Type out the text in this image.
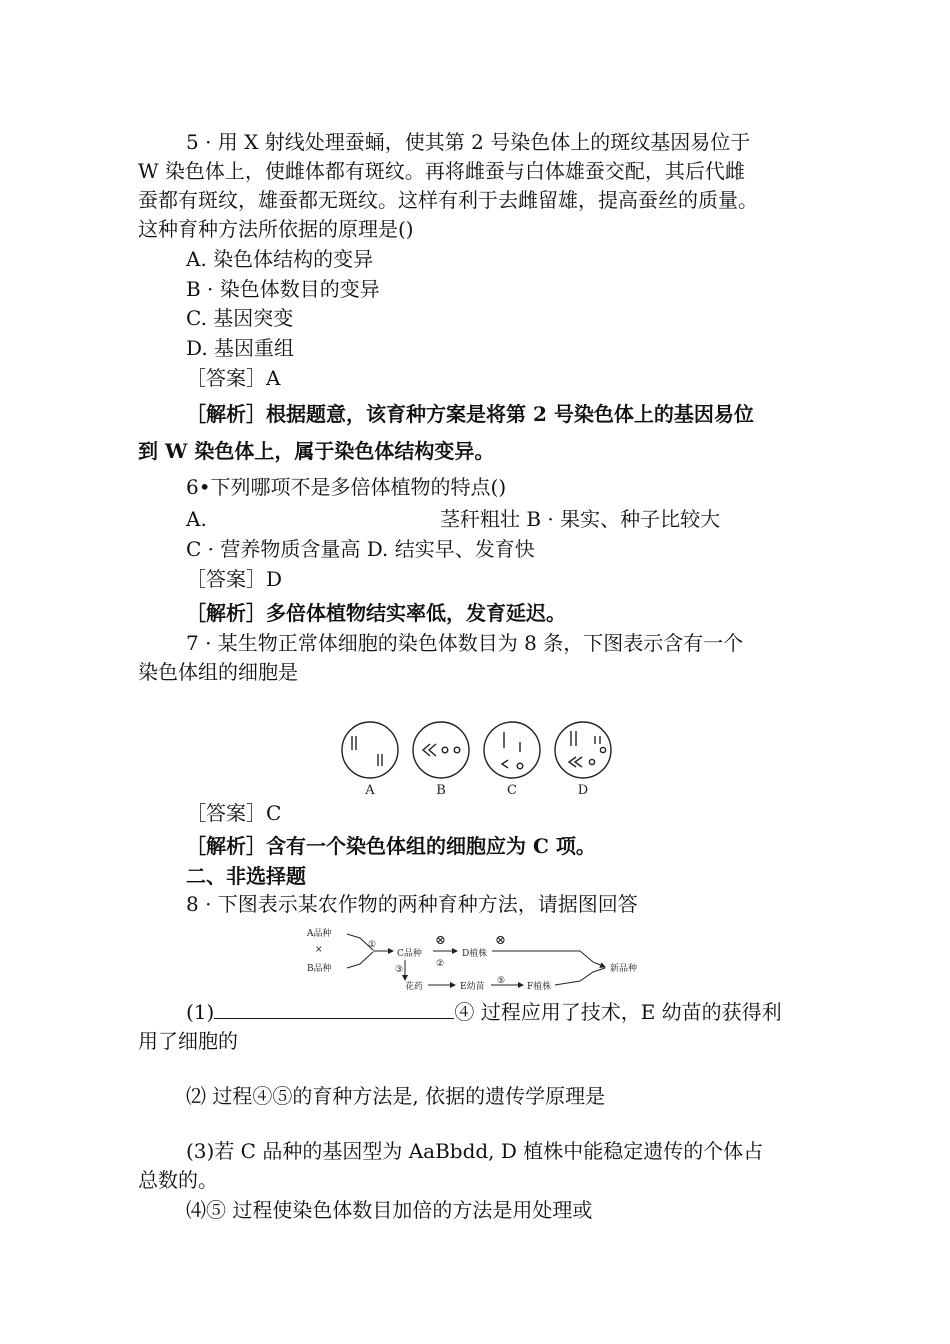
5 · 用 X 射线处理蚕蛹，使其第 2 号染色体上的斑纹基因易位于
W 染色体上，使雌体都有斑纹。再将雌蚕与白体雄蚕交配，其后代雌
蚕都有斑纹，雄蚕都无斑纹。这样有利于去雌留雄，提高蚕丝的质量。
这种育种方法所依据的原理是()
A. 染色体结构的变异
B · 染色体数目的变异
C. 基因突变
D. 基因重组
［答案］A
［解析］根据题意，该育种方案是将第 2 号染色体上的基因易位
到 W 染色体上，属于染色体结构变异。
6•下列哪项不是多倍体植物的特点()
A.	茎秆粗壮 B · 果实、种子比较大
C · 营养物质含量高 D. 结实早、发育快
［答案］D
［解析］多倍体植物结实率低，发育延迟。
7 · 某生物正常体细胞的染色体数目为 8 条，下图表示含有一个
染色体组的细胞是
A	B	C	D
［答案］C
［解析］含有一个染色体组的细胞应为 C 项。
二、非选择题
8 · 下图表示某农作物的两种育种方法，请据图回答
A品种
×
B品种
①
C品种
⊗
D植株
⊗
③
②
花药	E幼苗
⑤
F植株
新品种
(1)	④ 过程应用了技术，E 幼苗的获得利
用了细胞的
⑵ 过程④⑤的育种方法是, 依据的遗传学原理是
(3)若 C 品种的基因型为 AaBbdd, D 植株中能稳定遗传的个体占
总数的。
⑷⑤ 过程使染色体数目加倍的方法是用处理或
